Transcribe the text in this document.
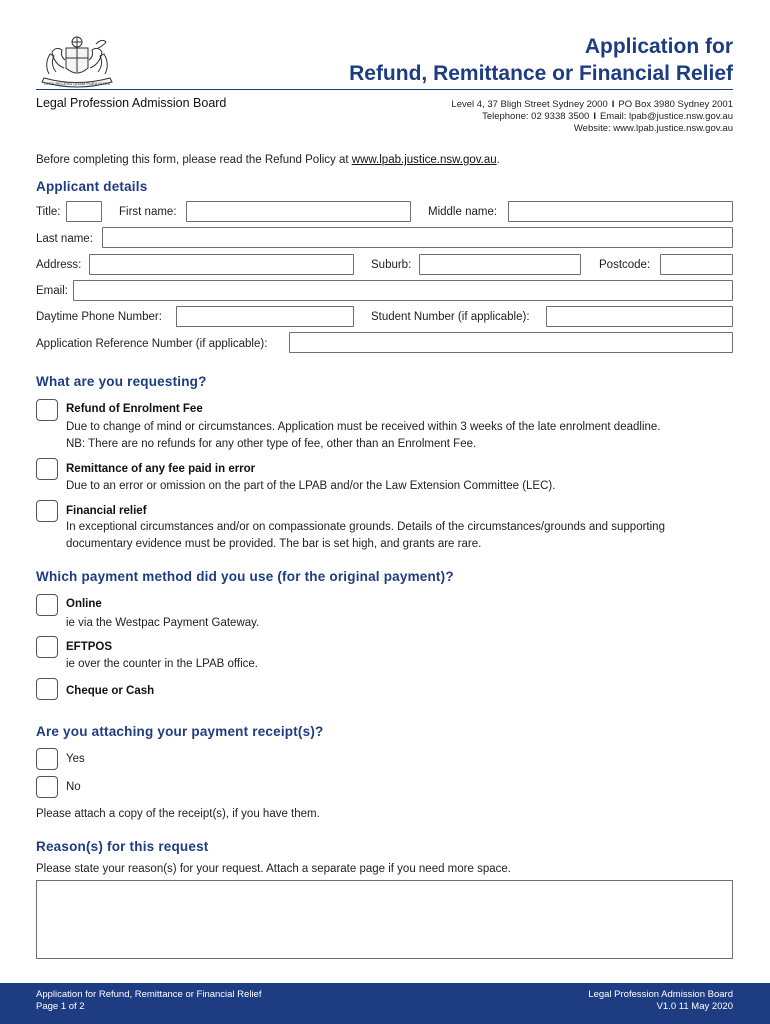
ORTA RECENS QUAM PURA NITES
Application for
Refund, Remittance or Financial Relief
Legal Profession Admission Board	Level 4, 37 Bligh Street Sydney 2000 I PO Box 3980 Sydney 2001
Telephone: 02 9338 3500 I Email: lpab@justice.nsw.gov.au
Website: www.lpab.justice.nsw.gov.au
Before completing this form, please read the Refund Policy at www.lpab.justice.nsw.gov.au.
Applicant details
Title:	First name:	Middle name:
Last name:
Address:	Suburb:	Postcode:
Email:
Daytime Phone Number:	Student Number (if applicable):
Application Reference Number (if applicable):
What are you requesting?
Refund of Enrolment Fee
Due to change of mind or circumstances. Application must be received within 3 weeks of the late enrolment deadline.
NB: There are no refunds for any other type of fee, other than an Enrolment Fee.
Remittance of any fee paid in error
Due to an error or omission on the part of the LPAB and/or the Law Extension Committee (LEC).
Financial relief
In exceptional circumstances and/or on compassionate grounds. Details of the circumstances/grounds and supporting
documentary evidence must be provided. The bar is set high, and grants are rare.
Which payment method did you use (for the original payment)?
Online
ie via the Westpac Payment Gateway.
EFTPOS
ie over the counter in the LPAB office.
Cheque or Cash
Are you attaching your payment receipt(s)?
Yes
No
Please attach a copy of the receipt(s), if you have them.
Reason(s) for this request
Please state your reason(s) for your request. Attach a separate page if you need more space.
Application for Refund, Remittance or Financial Relief
Page 1 of 2
Legal Profession Admission Board
V1.0 11 May 2020
